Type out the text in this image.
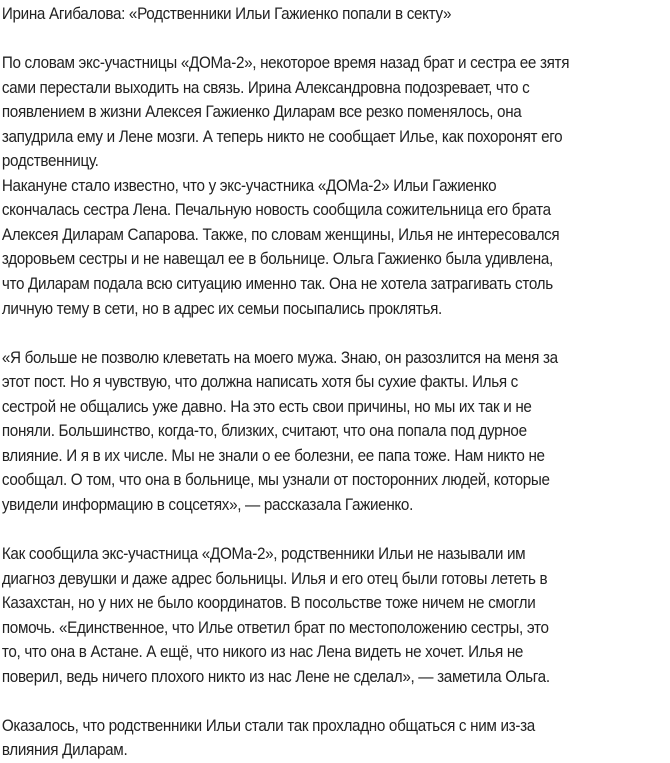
Ирина Агибалова: «Родственники Ильи Гажиенко попали в секту»

По словам экс-участницы «ДОМа-2», некоторое время назад брат и сестра ее зятя
сами перестали выходить на связь. Ирина Александровна подозревает, что с
появлением в жизни Алексея Гажиенко Диларам все резко поменялось, она
запудрила ему и Лене мозги. А теперь никто не сообщает Илье, как похоронят его
родственницу.
Накануне стало известно, что у экс-участника «ДОМа-2» Ильи Гажиенко
скончалась сестра Лена. Печальную новость сообщила сожительница его брата
Алексея Диларам Сапарова. Также, по словам женщины, Илья не интересовался
здоровьем сестры и не навещал ее в больнице. Ольга Гажиенко была удивлена,
что Диларам подала всю ситуацию именно так. Она не хотела затрагивать столь
личную тему в сети, но в адрес их семьи посыпались проклятья.

«Я больше не позволю клеветать на моего мужа. Знаю, он разозлится на меня за
этот пост. Но я чувствую, что должна написать хотя бы сухие факты. Илья с
сестрой не общались уже давно. На это есть свои причины, но мы их так и не
поняли. Большинство, когда-то, близких, считают, что она попала под дурное
влияние. И я в их числе. Мы не знали о ее болезни, ее папа тоже. Нам никто не
сообщал. О том, что она в больнице, мы узнали от посторонних людей, которые
увидели информацию в соцсетях», — рассказала Гажиенко.

Как сообщила экс-участница «ДОМа-2», родственники Ильи не называли им
диагноз девушки и даже адрес больницы. Илья и его отец были готовы лететь в
Казахстан, но у них не было координатов. В посольстве тоже ничем не смогли
помочь. «Единственное, что Илье ответил брат по местоположению сестры, это
то, что она в Астане. А ещё, что никого из нас Лена видеть не хочет. Илья не
поверил, ведь ничего плохого никто из нас Лене не сделал», — заметила Ольга.

Оказалось, что родственники Ильи стали так прохладно общаться с ним из-за
влияния Диларам.
